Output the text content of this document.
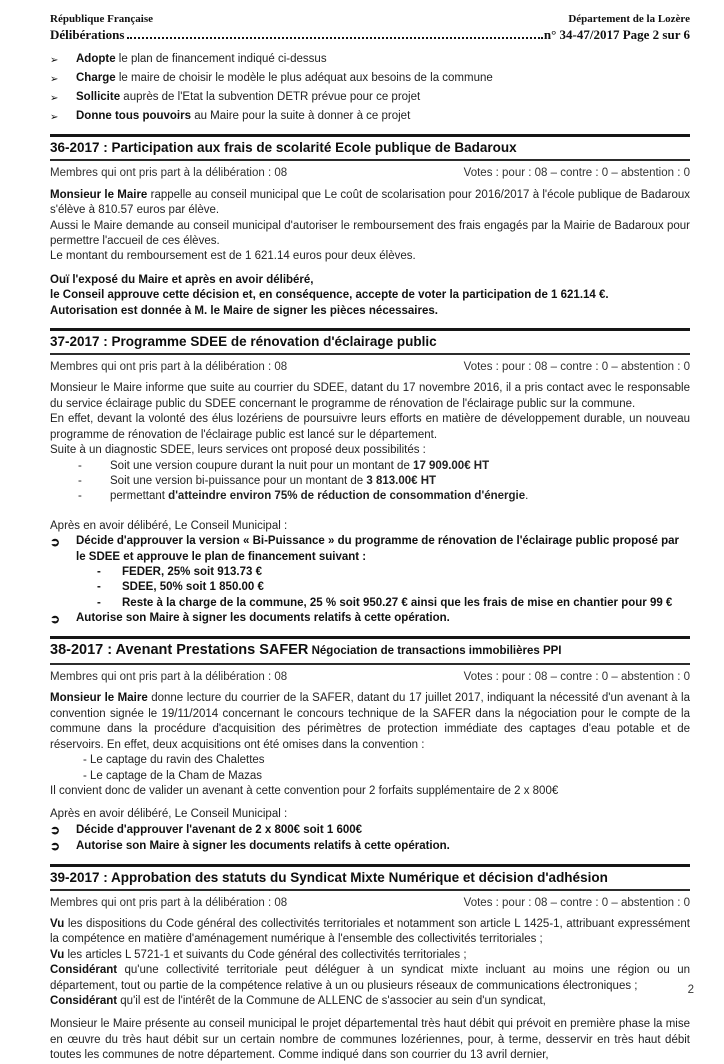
République Française	Département de la Lozère
Délibérations	n° 34-47/2017 Page 2 sur 6
➢	Adopte le plan de financement indiqué ci-dessus
➢	Charge le maire de choisir le modèle le plus adéquat aux besoins de la commune
➢	Sollicite auprès de l'Etat la subvention DETR prévue pour ce projet
➢	Donne tous pouvoirs au Maire pour la suite à donner à ce projet
36-2017 : Participation aux frais de scolarité Ecole publique de Badaroux
Membres qui ont pris part à la délibération : 08	Votes : pour : 08 – contre : 0 – abstention : 0

Monsieur le Maire rappelle au conseil municipal que Le coût de scolarisation pour 2016/2017 à l'école publique de Badaroux s'élève à 810.57 euros par élève.

Aussi le Maire demande au conseil municipal d'autoriser le remboursement des frais engagés par la Mairie de Badaroux pour permettre l'accueil de ces élèves.

Le montant du remboursement est de 1 621.14 euros pour deux élèves.

Ouï l'exposé du Maire et après en avoir délibéré,
le Conseil approuve cette décision et, en conséquence, accepte de voter la participation de 1 621.14 €.
Autorisation est donnée à M. le Maire de signer les pièces nécessaires.
37-2017 : Programme SDEE de rénovation d'éclairage public
Membres qui ont pris part à la délibération : 08	Votes : pour : 08 – contre : 0 – abstention : 0

Monsieur le Maire informe que suite au courrier du SDEE, datant du 17 novembre 2016, il a pris contact avec le responsable du service éclairage public du SDEE concernant le programme de rénovation de l'éclairage public sur la commune.

En effet, devant la volonté des élus lozériens de poursuivre leurs efforts en matière de développement durable, un nouveau programme de rénovation de l'éclairage public est lancé sur le département.

Suite à un diagnostic SDEE, leurs services ont proposé deux possibilités :

-	Soit une version coupure durant la nuit pour un montant de 17 909.00€ HT
-	Soit une version bi-puissance pour un montant de 3 813.00€ HT
-	permettant d'atteindre environ 75% de réduction de consommation d'énergie.
Après en avoir délibéré, Le Conseil Municipal :
➲	Décide d'approuver la version « Bi-Puissance » du programme de rénovation de l'éclairage public proposé par le SDEE et approuve le plan de financement suivant :
-	FEDER, 25% soit 913.73 €
-	SDEE, 50% soit 1 850.00 €
-	Reste à la charge de la commune, 25 % soit 950.27 € ainsi que les frais de mise en chantier pour 99 €
➲	Autorise son Maire à signer les documents relatifs à cette opération.
38-2017 : Avenant Prestations SAFER Négociation de transactions immobilières PPI
Membres qui ont pris part à la délibération : 08	Votes : pour : 08 – contre : 0 – abstention : 0

Monsieur le Maire donne lecture du courrier de la SAFER, datant du 17 juillet 2017, indiquant la nécessité d'un avenant à la convention signée le 19/11/2014 concernant le concours technique de la SAFER dans la négociation pour le compte de la commune dans la procédure d'acquisition des périmètres de protection immédiate des captages d'eau potable et de réservoirs. En effet, deux acquisitions ont été omises dans la convention :

- Le captage du ravin des Chalettes
- Le captage de la Cham de Mazas

Il convient donc de valider un avenant à cette convention pour 2 forfaits supplémentaire de 2 x 800€

Après en avoir délibéré, Le Conseil Municipal :
➲	Décide d'approuver l'avenant de 2 x 800€ soit 1 600€
➲	Autorise son Maire à signer les documents relatifs à cette opération.
39-2017 : Approbation des statuts du Syndicat Mixte Numérique et décision d'adhésion
Membres qui ont pris part à la délibération : 08	Votes : pour : 08 – contre : 0 – abstention : 0

Vu les dispositions du Code général des collectivités territoriales et notamment son article L 1425-1, attribuant expressément la compétence en matière d'aménagement numérique à l'ensemble des collectivités territoriales ;

Vu les articles L 5721-1 et suivants du Code général des collectivités territoriales ;

Considérant qu'une collectivité territoriale peut déléguer à un syndicat mixte incluant au moins une région ou un département, tout ou partie de la compétence relative à un ou plusieurs réseaux de communications électroniques ;

Considérant qu'il est de l'intérêt de la Commune de ALLENC de s'associer au sein d'un syndicat,

Monsieur le Maire présente au conseil municipal le projet départemental très haut débit qui prévoit en première phase la mise en œuvre du très haut débit sur un certain nombre de communes lozériennes, pour, à terme, desservir en très haut débit toutes les communes de notre département. Comme indiqué dans son courrier du 13 avril dernier,

2
